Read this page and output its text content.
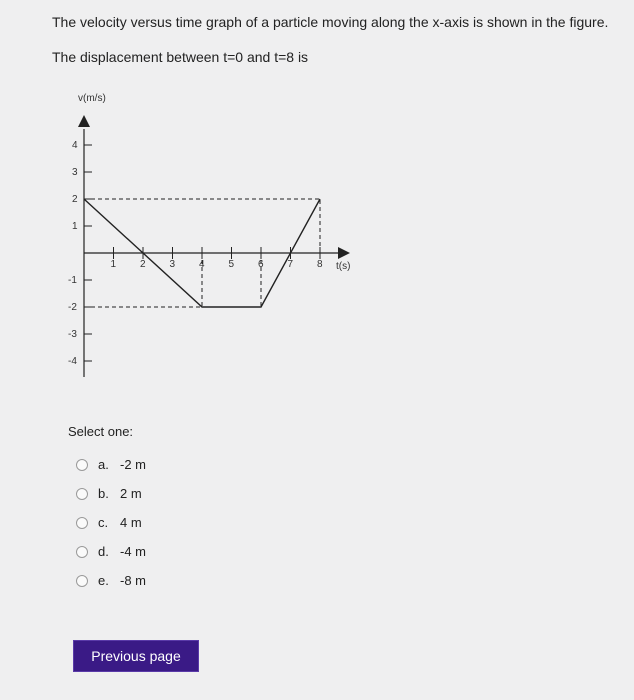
The velocity versus time graph of a particle moving along the x-axis is shown in the figure.
The displacement between t=0 and t=8 is
v(m/s)
t(s)
1 2 3 4 5 6 7 8
1
2
3
4
-1
-2
-3
-4
Select one:
a. -2 m
b. 2 m
c. 4 m
d. -4 m
e. -8 m
Previous page
